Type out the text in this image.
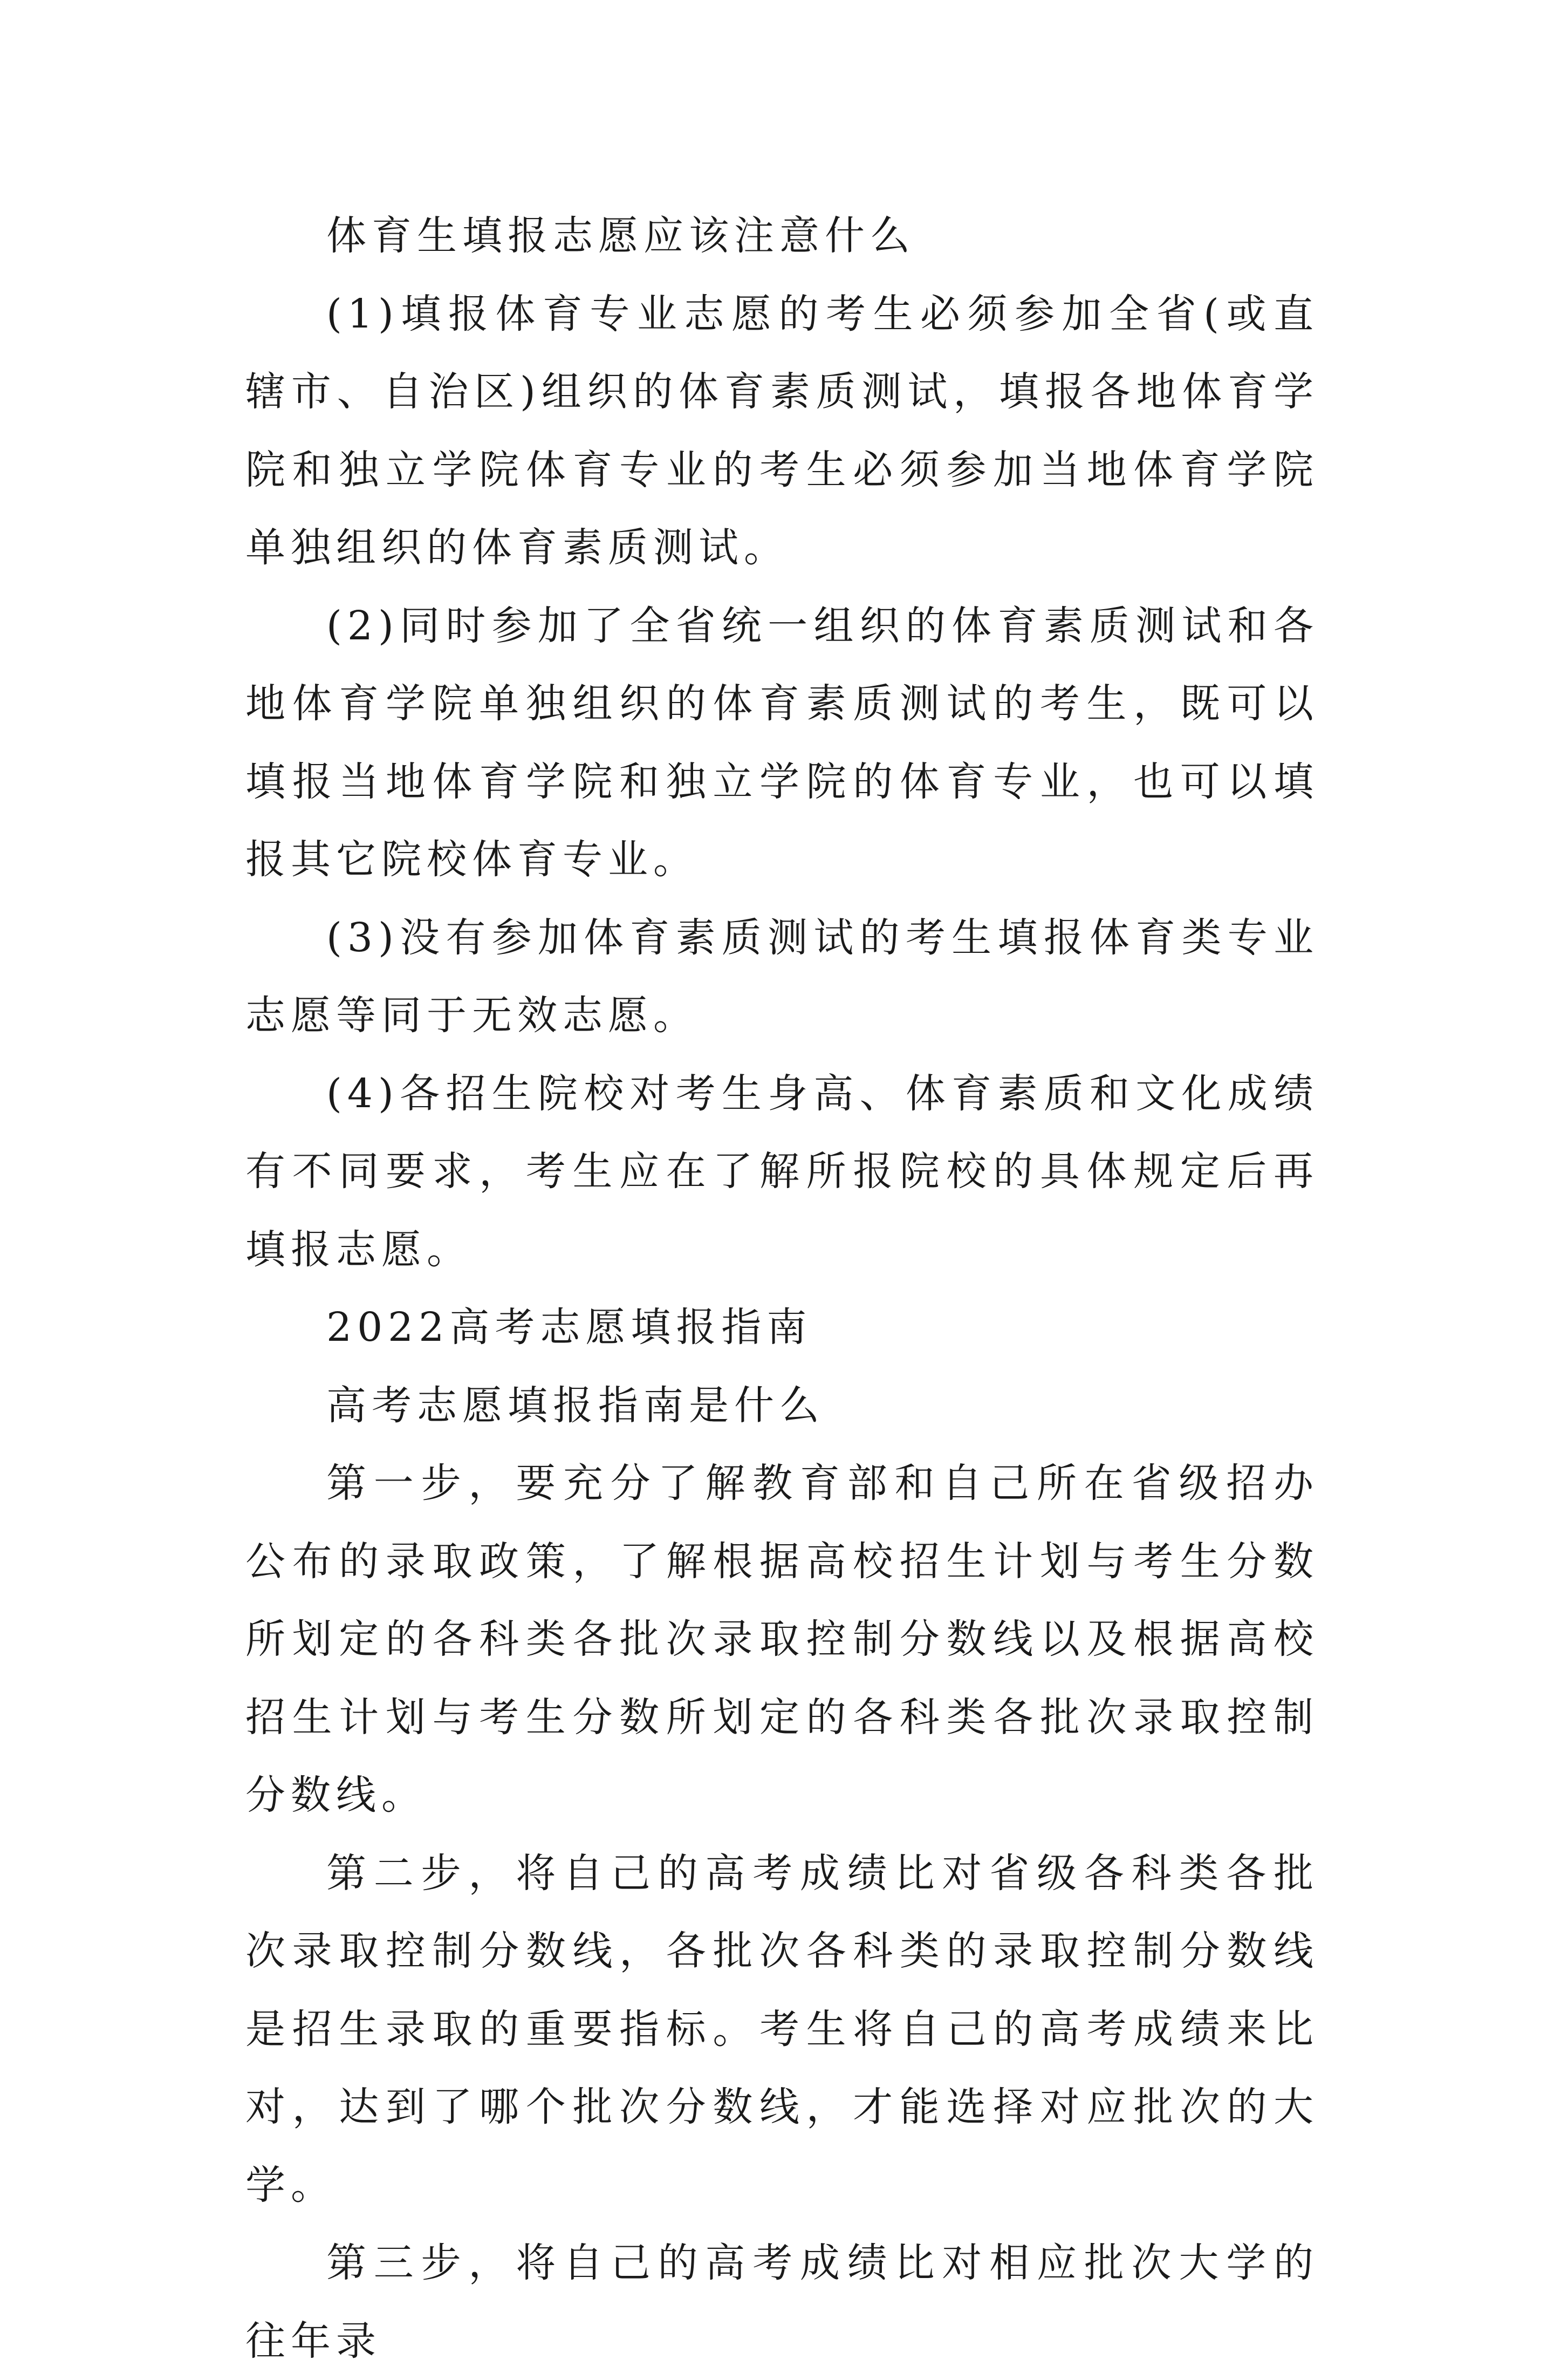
体育生填报志愿应该注意什么

(1)填报体育专业志愿的考生必须参加全省(或直辖市、自治区)组织的体育素质测试，填报各地体育学院和独立学院体育专业的考生必须参加当地体育学院单独组织的体育素质测试。

(2)同时参加了全省统一组织的体育素质测试和各地体育学院单独组织的体育素质测试的考生，既可以填报当地体育学院和独立学院的体育专业，也可以填报其它院校体育专业。

(3)没有参加体育素质测试的考生填报体育类专业志愿等同于无效志愿。

(4)各招生院校对考生身高、体育素质和文化成绩有不同要求，考生应在了解所报院校的具体规定后再填报志愿。

2022高考志愿填报指南

高考志愿填报指南是什么

第一步，要充分了解教育部和自己所在省级招办公布的录取政策，了解根据高校招生计划与考生分数所划定的各科类各批次录取控制分数线以及根据高校招生计划与考生分数所划定的各科类各批次录取控制分数线。

第二步，将自己的高考成绩比对省级各科类各批次录取控制分数线，各批次各科类的录取控制分数线是招生录取的重要指标。考生将自己的高考成绩来比对，达到了哪个批次分数线，才能选择对应批次的大学。

第三步，将自己的高考成绩比对相应批次大学的往年录
